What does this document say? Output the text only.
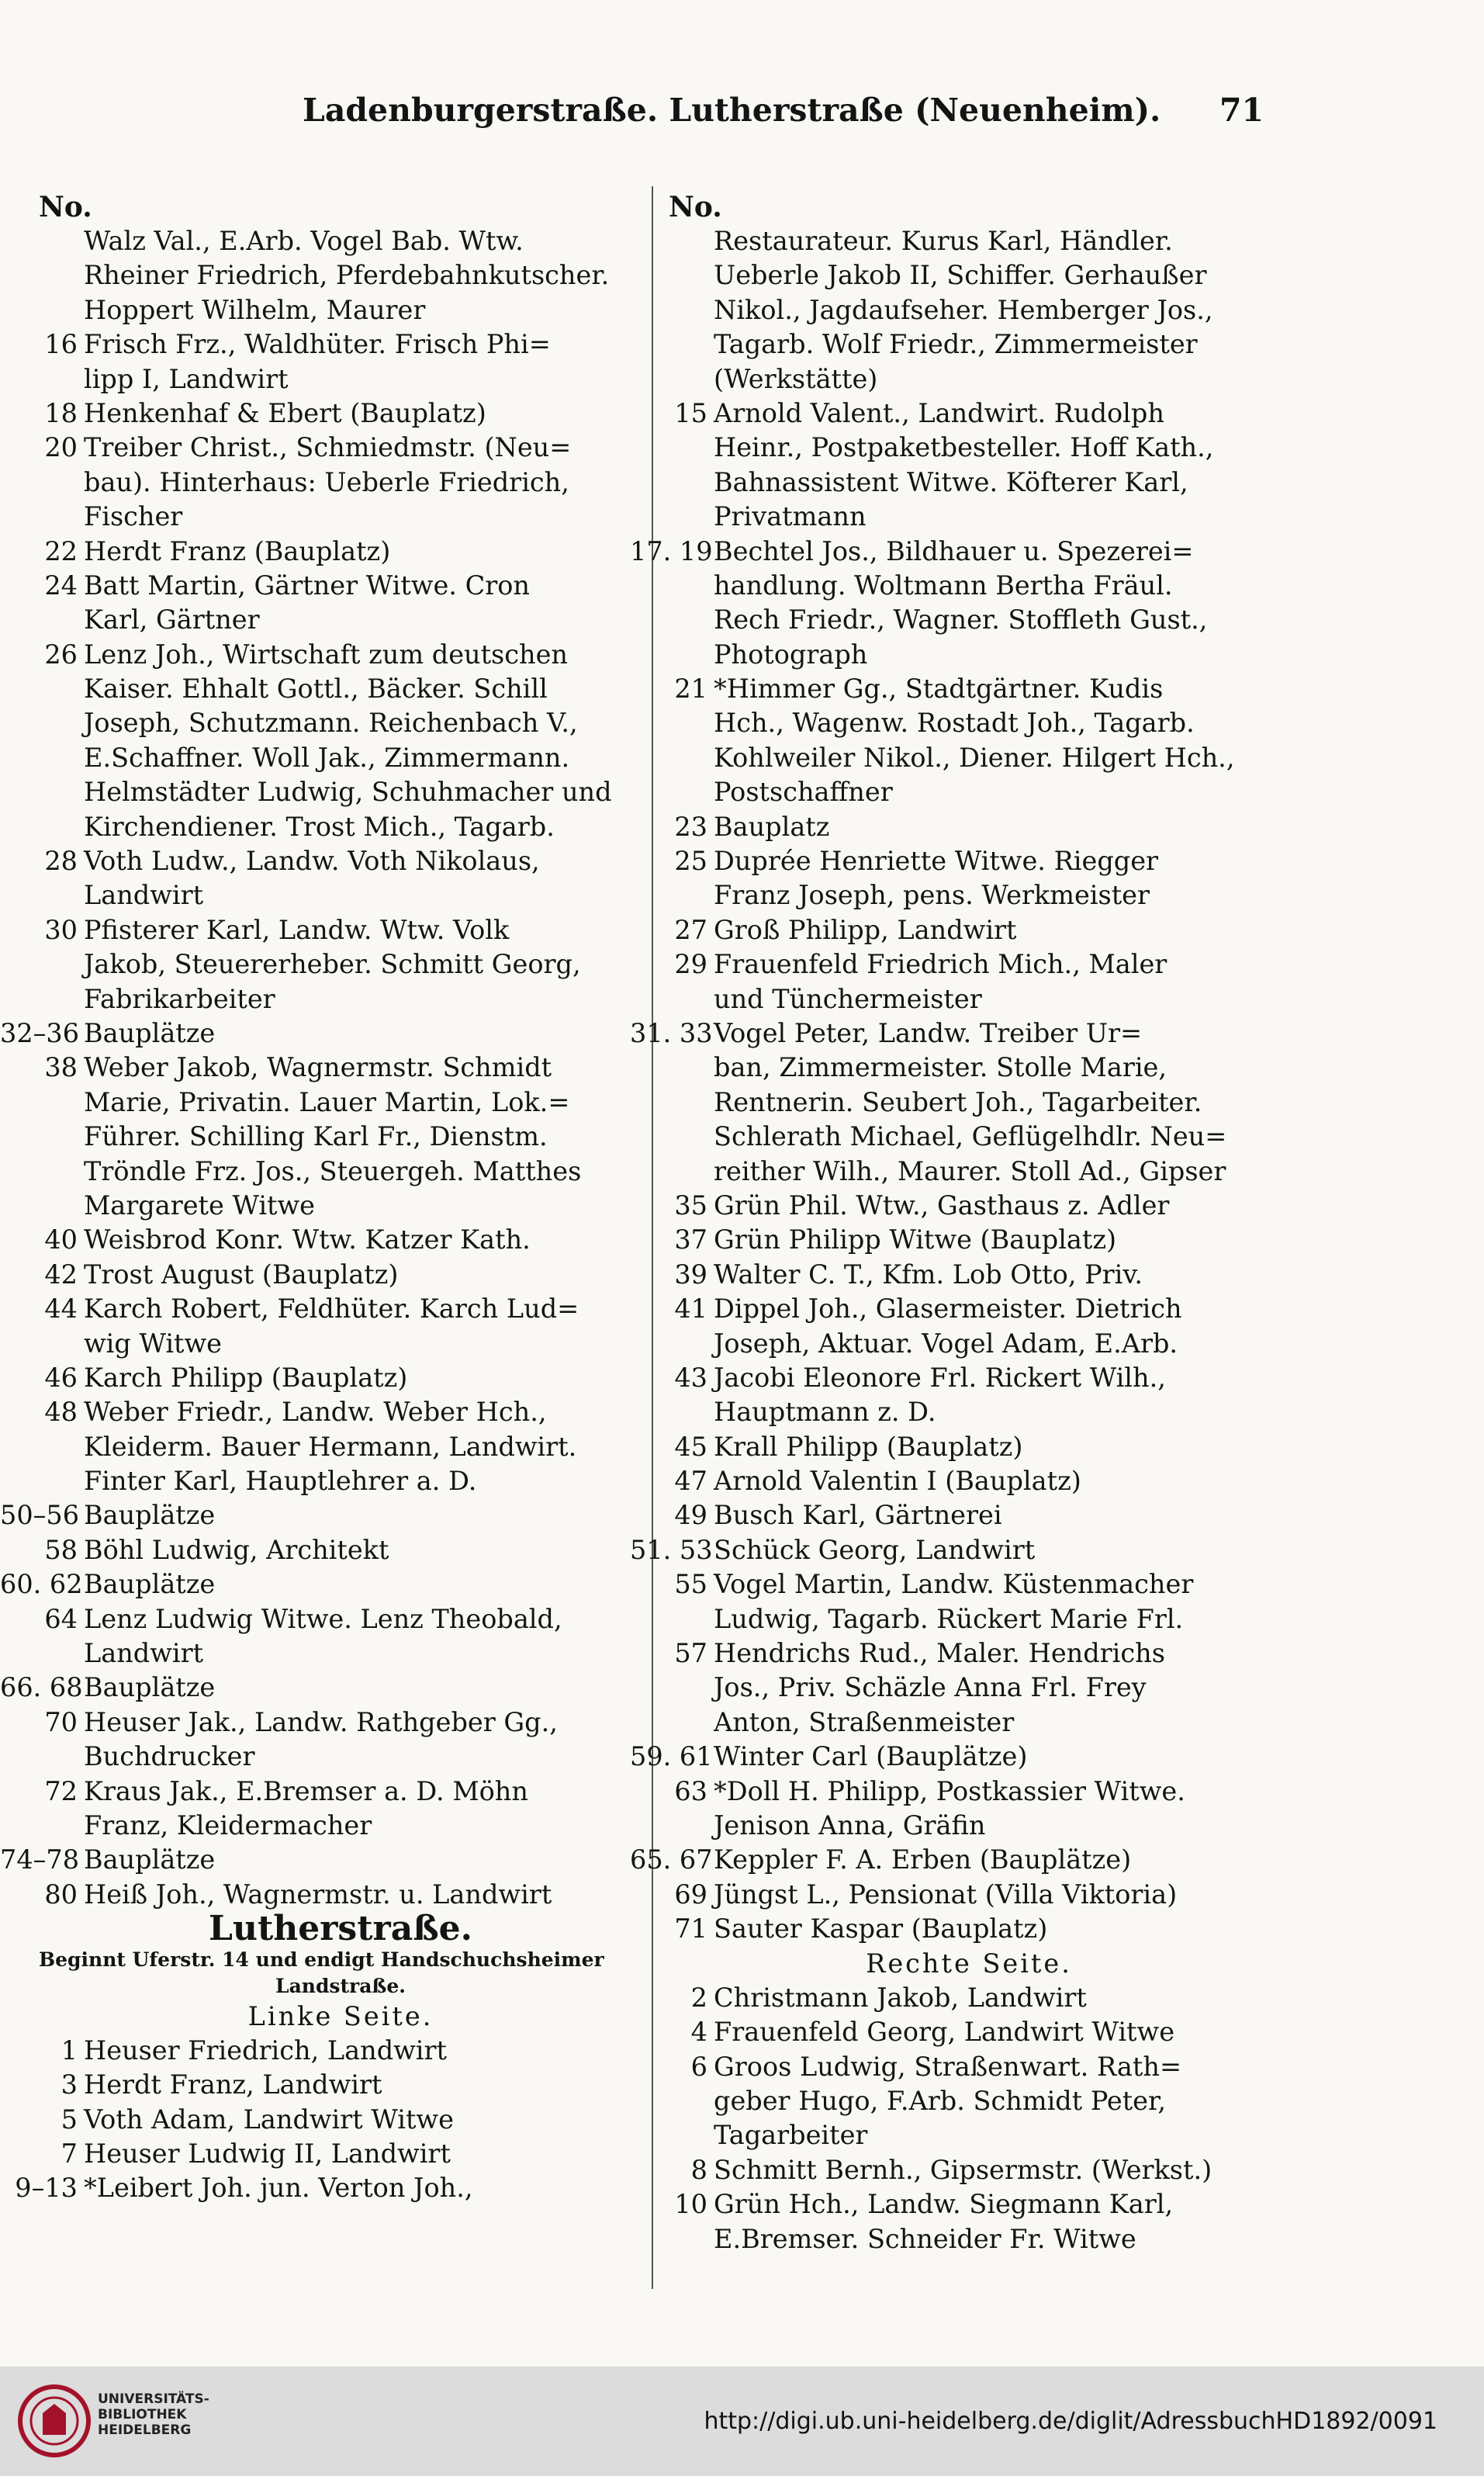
Ladenburgerstraße. Lutherstraße (Neuenheim). 71
No.
Walz Val., E.Arb. Vogel Bab. Wtw.
Rheiner Friedrich, Pferdebahnkutscher.
Hoppert Wilhelm, Maurer
16 Frisch Frz., Waldhüter. Frisch Phi=
lipp I, Landwirt
18 Henkenhaf & Ebert (Bauplatz)
20 Treiber Christ., Schmiedmstr. (Neu=
bau). Hinterhaus: Ueberle Friedrich,
Fischer
22 Herdt Franz (Bauplatz)
24 Batt Martin, Gärtner Witwe. Cron
Karl, Gärtner
26 Lenz Joh., Wirtschaft zum deutschen
Kaiser. Ehhalt Gottl., Bäcker. Schill
Joseph, Schutzmann. Reichenbach V.,
E.Schaffner. Woll Jak., Zimmermann.
Helmstädter Ludwig, Schuhmacher und
Kirchendiener. Trost Mich., Tagarb.
28 Voth Ludw., Landw. Voth Nikolaus,
Landwirt
30 Pfisterer Karl, Landw. Wtw. Volk
Jakob, Steuererheber. Schmitt Georg,
Fabrikarbeiter
32–36 Bauplätze
38 Weber Jakob, Wagnermstr. Schmidt
Marie, Privatin. Lauer Martin, Lok.=
Führer. Schilling Karl Fr., Dienstm.
Tröndle Frz. Jos., Steuergeh. Matthes
Margarete Witwe
40 Weisbrod Konr. Wtw. Katzer Kath.
42 Trost August (Bauplatz)
44 Karch Robert, Feldhüter. Karch Lud=
wig Witwe
46 Karch Philipp (Bauplatz)
48 Weber Friedr., Landw. Weber Hch.,
Kleiderm. Bauer Hermann, Landwirt.
Finter Karl, Hauptlehrer a. D.
50–56 Bauplätze
58 Böhl Ludwig, Architekt
60. 62 Bauplätze
64 Lenz Ludwig Witwe. Lenz Theobald,
Landwirt
66. 68 Bauplätze
70 Heuser Jak., Landw. Rathgeber Gg.,
Buchdrucker
72 Kraus Jak., E.Bremser a. D. Möhn
Franz, Kleidermacher
74–78 Bauplätze
80 Heiß Joh., Wagnermstr. u. Landwirt
Lutherstraße.
Beginnt Uferstr. 14 und endigt Handschuchsheimer
Landstraße.
Linke Seite.
1 Heuser Friedrich, Landwirt
3 Herdt Franz, Landwirt
5 Voth Adam, Landwirt Witwe
7 Heuser Ludwig II, Landwirt
9–13 *Leibert Joh. jun. Verton Joh.,
No.
Restaurateur. Kurus Karl, Händler.
Ueberle Jakob II, Schiffer. Gerhaußer
Nikol., Jagdaufseher. Hemberger Jos.,
Tagarb. Wolf Friedr., Zimmermeister
(Werkstätte)
15 Arnold Valent., Landwirt. Rudolph
Heinr., Postpaketbesteller. Hoff Kath.,
Bahnassistent Witwe. Köfterer Karl,
Privatmann
17. 19 Bechtel Jos., Bildhauer u. Spezerei=
handlung. Woltmann Bertha Fräul.
Rech Friedr., Wagner. Stoffleth Gust.,
Photograph
21 *Himmer Gg., Stadtgärtner. Kudis
Hch., Wagenw. Rostadt Joh., Tagarb.
Kohlweiler Nikol., Diener. Hilgert Hch.,
Postschaffner
23 Bauplatz
25 Duprée Henriette Witwe. Riegger
Franz Joseph, pens. Werkmeister
27 Groß Philipp, Landwirt
29 Frauenfeld Friedrich Mich., Maler
und Tünchermeister
31. 33 Vogel Peter, Landw. Treiber Ur=
ban, Zimmermeister. Stolle Marie,
Rentnerin. Seubert Joh., Tagarbeiter.
Schlerath Michael, Geflügelhdlr. Neu=
reither Wilh., Maurer. Stoll Ad., Gipser
35 Grün Phil. Wtw., Gasthaus z. Adler
37 Grün Philipp Witwe (Bauplatz)
39 Walter C. T., Kfm. Lob Otto, Priv.
41 Dippel Joh., Glasermeister. Dietrich
Joseph, Aktuar. Vogel Adam, E.Arb.
43 Jacobi Eleonore Frl. Rickert Wilh.,
Hauptmann z. D.
45 Krall Philipp (Bauplatz)
47 Arnold Valentin I (Bauplatz)
49 Busch Karl, Gärtnerei
51. 53 Schück Georg, Landwirt
55 Vogel Martin, Landw. Küstenmacher
Ludwig, Tagarb. Rückert Marie Frl.
57 Hendrichs Rud., Maler. Hendrichs
Jos., Priv. Schäzle Anna Frl. Frey
Anton, Straßenmeister
59. 61 Winter Carl (Bauplätze)
63 *Doll H. Philipp, Postkassier Witwe.
Jenison Anna, Gräfin
65. 67 Keppler F. A. Erben (Bauplätze)
69 Jüngst L., Pensionat (Villa Viktoria)
71 Sauter Kaspar (Bauplatz)
Rechte Seite.
2 Christmann Jakob, Landwirt
4 Frauenfeld Georg, Landwirt Witwe
6 Groos Ludwig, Straßenwart. Rath=
geber Hugo, F.Arb. Schmidt Peter,
Tagarbeiter
8 Schmitt Bernh., Gipsermstr. (Werkst.)
10 Grün Hch., Landw. Siegmann Karl,
E.Bremser. Schneider Fr. Witwe
UNIVERSITÄTS-
BIBLIOTHEK
HEIDELBERG	http://digi.ub.uni-heidelberg.de/diglit/AdressbuchHD1892/0091
